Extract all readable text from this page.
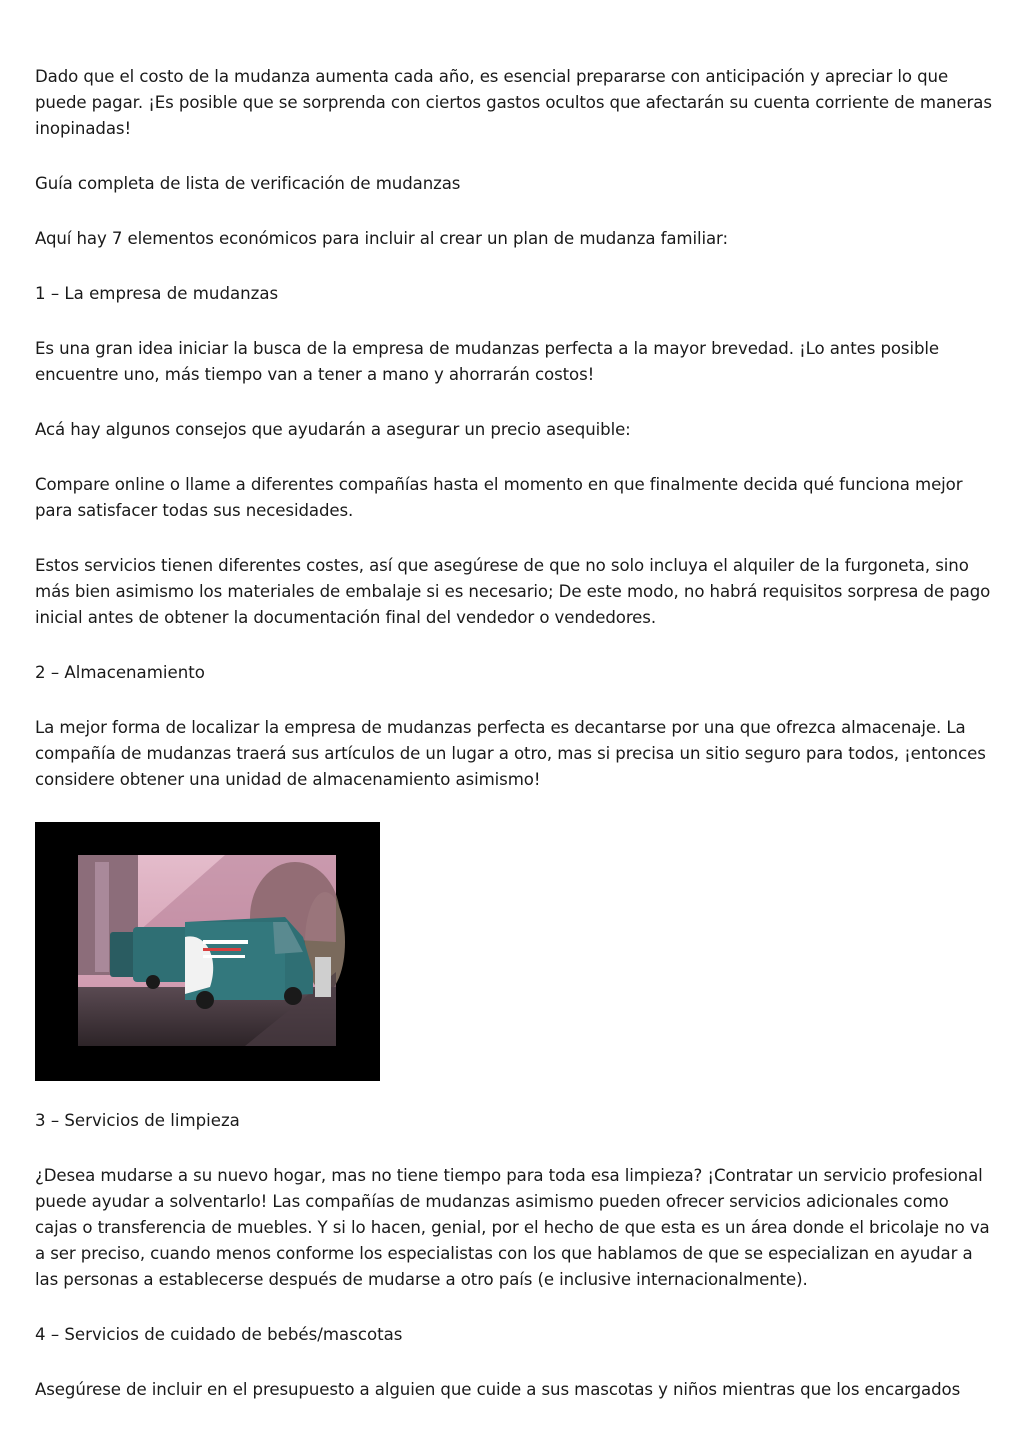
Dado que el costo de la mudanza aumenta cada año, es esencial prepararse con anticipación y apreciar lo que puede pagar. ¡Es posible que se sorprenda con ciertos gastos ocultos que afectarán su cuenta corriente de maneras inopinadas!

Guía completa de lista de verificación de mudanzas

Aquí hay 7 elementos económicos para incluir al crear un plan de mudanza familiar:

1 – La empresa de mudanzas

Es una gran idea iniciar la busca de la empresa de mudanzas perfecta a la mayor brevedad. ¡Lo antes posible encuentre uno, más tiempo van a tener a mano y ahorrarán costos!

Acá hay algunos consejos que ayudarán a asegurar un precio asequible:

Compare online o llame a diferentes compañías hasta el momento en que finalmente decida qué funciona mejor para satisfacer todas sus necesidades.

Estos servicios tienen diferentes costes, así que asegúrese de que no solo incluya el alquiler de la furgoneta, sino más bien asimismo los materiales de embalaje si es necesario; De este modo, no habrá requisitos sorpresa de pago inicial antes de obtener la documentación final del vendedor o vendedores.

2 – Almacenamiento

La mejor forma de localizar la empresa de mudanzas perfecta es decantarse por una que ofrezca almacenaje. La compañía de mudanzas traerá sus artículos de un lugar a otro, mas si precisa un sitio seguro para todos, ¡entonces considere obtener una unidad de almacenamiento asimismo!

3 – Servicios de limpieza

¿Desea mudarse a su nuevo hogar, mas no tiene tiempo para toda esa limpieza? ¡Contratar un servicio profesional puede ayudar a solventarlo! Las compañías de mudanzas asimismo pueden ofrecer servicios adicionales como cajas o transferencia de muebles. Y si lo hacen, genial, por el hecho de que esta es un área donde el bricolaje no va a ser preciso, cuando menos conforme los especialistas con los que hablamos de que se especializan en ayudar a las personas a establecerse después de mudarse a otro país (e inclusive internacionalmente).

4 – Servicios de cuidado de bebés/mascotas

Asegúrese de incluir en el presupuesto a alguien que cuide a sus mascotas y niños mientras que los encargados
